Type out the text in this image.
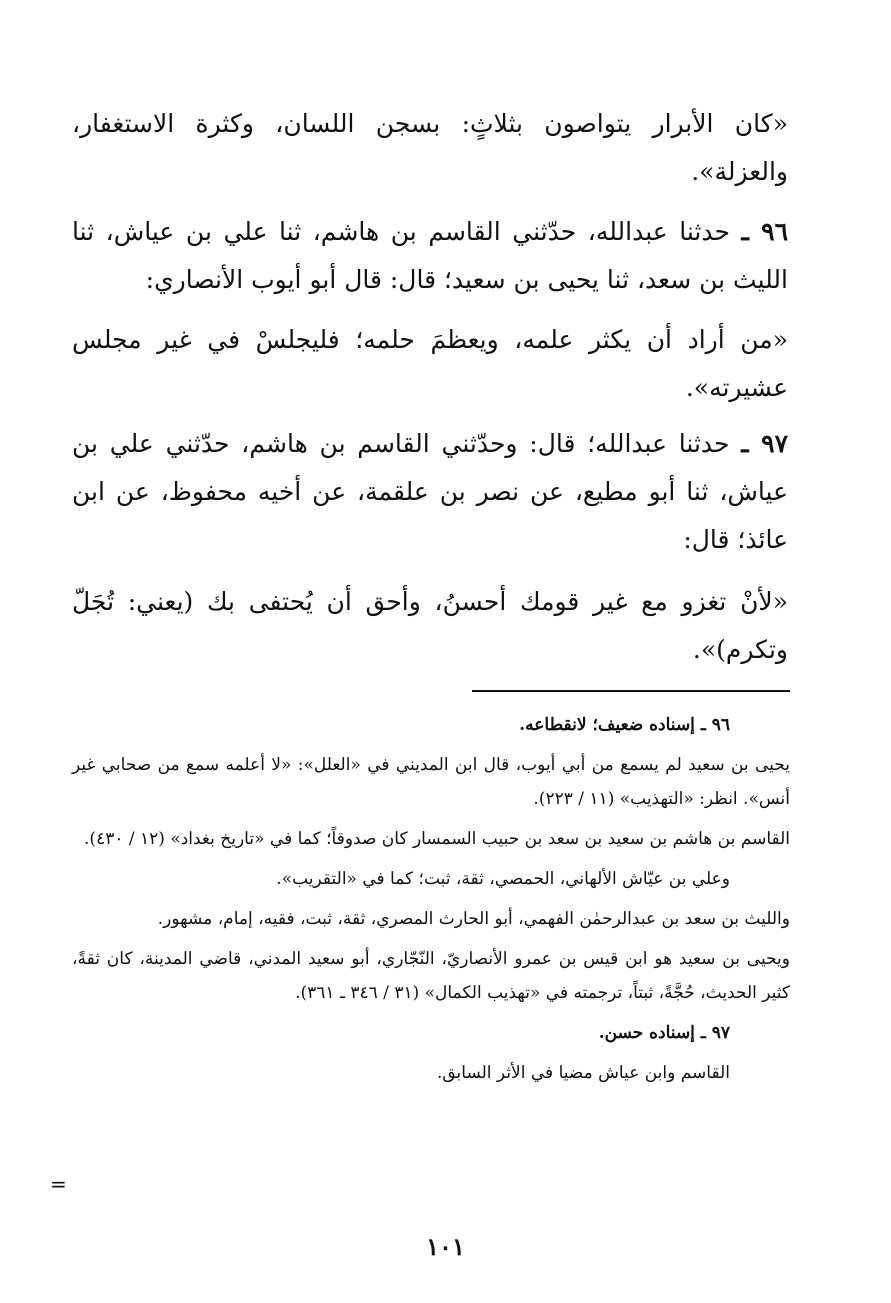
«كان الأبرار يتواصون بثلاثٍ: بسجن اللسان، وكثرة الاستغفار، والعزلة».

٩٦ ـ حدثنا عبدالله، حدّثني القاسم بن هاشم، ثنا علي بن عياش، ثنا الليث بن سعد، ثنا يحيى بن سعيد؛ قال: قال أبو أيوب الأنصاري:

«من أراد أن يكثر علمه، ويعظمَ حلمه؛ فليجلسْ في غير مجلس عشيرته».

٩٧ ـ حدثنا عبدالله؛ قال: وحدّثني القاسم بن هاشم، حدّثني علي بن عياش، ثنا أبو مطيع، عن نصر بن علقمة، عن أخيه محفوظ، عن ابن عائذ؛ قال:

«لأنْ تغزو مع غير قومك أحسنُ، وأحق أن يُحتفى بك (يعني: تُجَلّ وتكرم)».

٩٦ ـ إسناده ضعيف؛ لانقطاعه.

يحيى بن سعيد لم يسمع من أبي أيوب، قال ابن المديني في «العلل»: «لا أعلمه سمع من صحابي غير أنس». انظر: «التهذيب» (١١ / ٢٢٣).

القاسم بن هاشم بن سعيد بن سعد بن حبيب السمسار كان صدوقاً؛ كما في «تاريخ بغداد» (١٢ / ٤٣٠).

وعلي بن عيّاش الألهاني، الحمصي، ثقة، ثبت؛ كما في «التقريب».

والليث بن سعد بن عبدالرحمٰن الفهمي، أبو الحارث المصري، ثقة، ثبت، فقيه، إمام، مشهور.

ويحيى بن سعيد هو ابن قيس بن عمرو الأنصاريّ، النّجّاري، أبو سعيد المدني، قاضي المدينة، كان ثقةً، كثير الحديث، حُجَّةً، ثبتاً، ترجمته في «تهذيب الكمال» (٣١ / ٣٤٦ ـ ٣٦١).

٩٧ ـ إسناده حسن.

القاسم وابن عياش مضيا في الأثر السابق.

=
١٠١
